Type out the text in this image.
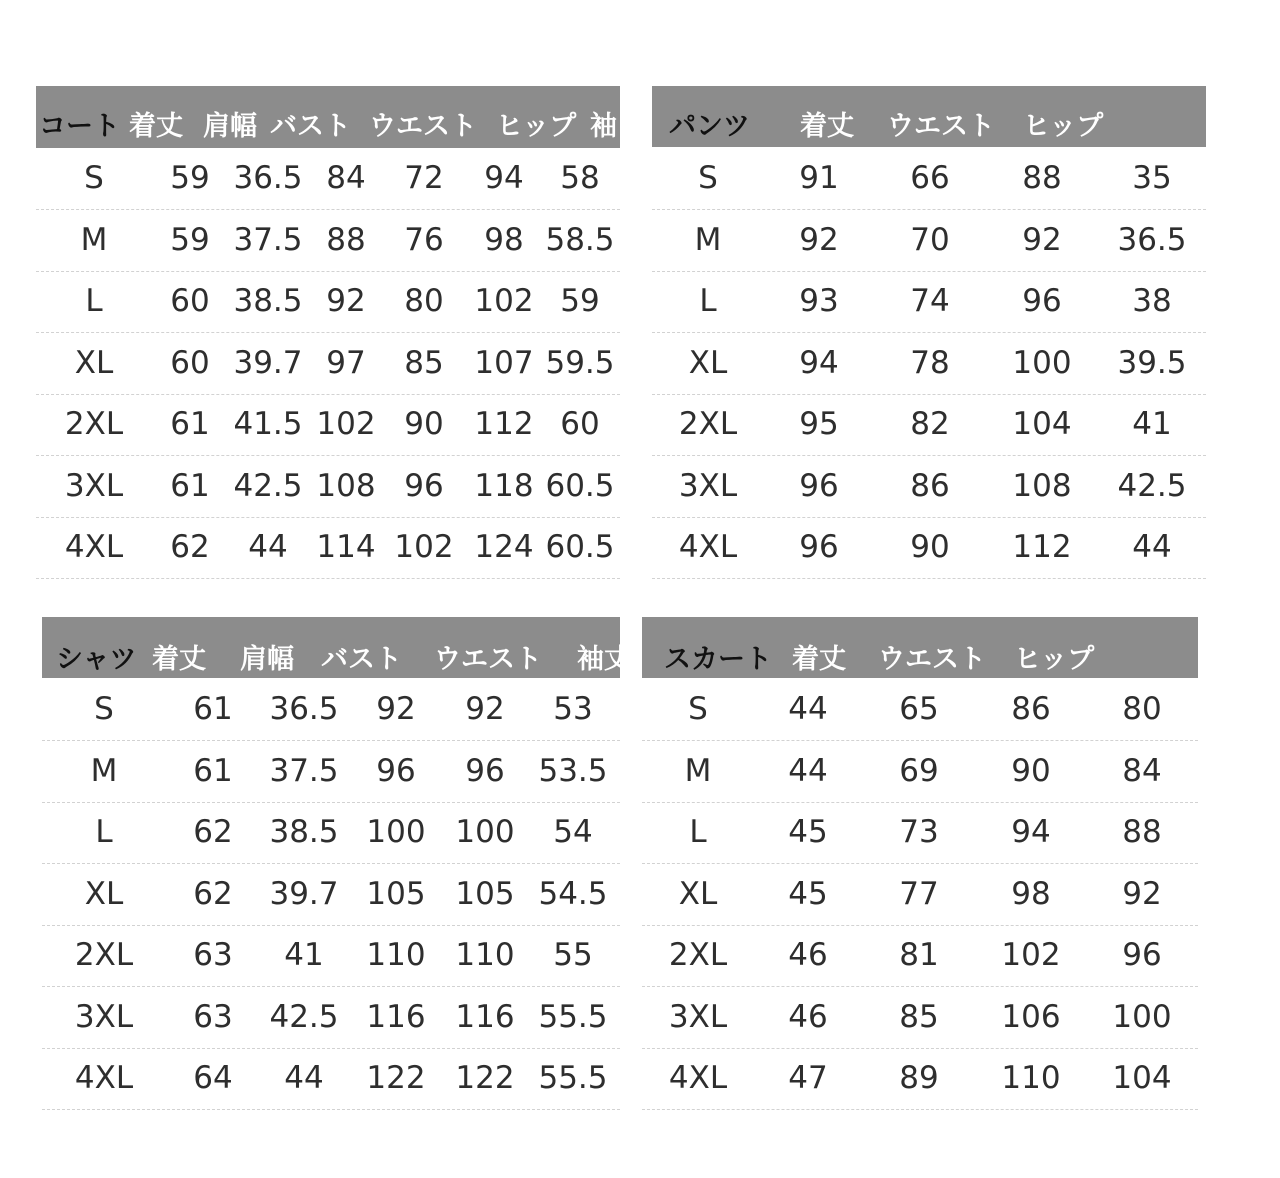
コート 着丈 肩幅 バスト ウエスト ヒップ 袖
S 59 36.5 84 72 94 58
M 59 37.5 88 76 98 58.5
L 60 38.5 92 80 102 59
XL 60 39.7 97 85 107 59.5
2XL 61 41.5 102 90 112 60
3XL 61 42.5 108 96 118 60.5
4XL 62 44 114 102 124 60.5
パンツ 着丈 ウエスト ヒップ
S	91 66 88 35
M	92 70 92 36.5
L	93 74 96 38
XL 94 78 100 39.5
2XL 95 82 104 41
3XL 96 86 108 42.5
4XL 96 90 112 44
シャツ 着丈 肩幅 バスト ウエスト 袖丈
S	61 36.5 92 92 53
M 61 37.5 96 96 53.5
L	62 38.5 100 100 54
XL 62 39.7 105 105 54.5
2XL 63 41 110 110 55
3XL 63 42.5 116 116 55.5
4XL 64 44 122 122 55.5
スカート 着丈 ウエスト ヒップ
S	44 65 86 80
M 44 69 90 84
L	45 73 94 88
XL 45 77 98 92
2XL 46 81 102 96
3XL 46 85 106 100
4XL 47 89 110 104
